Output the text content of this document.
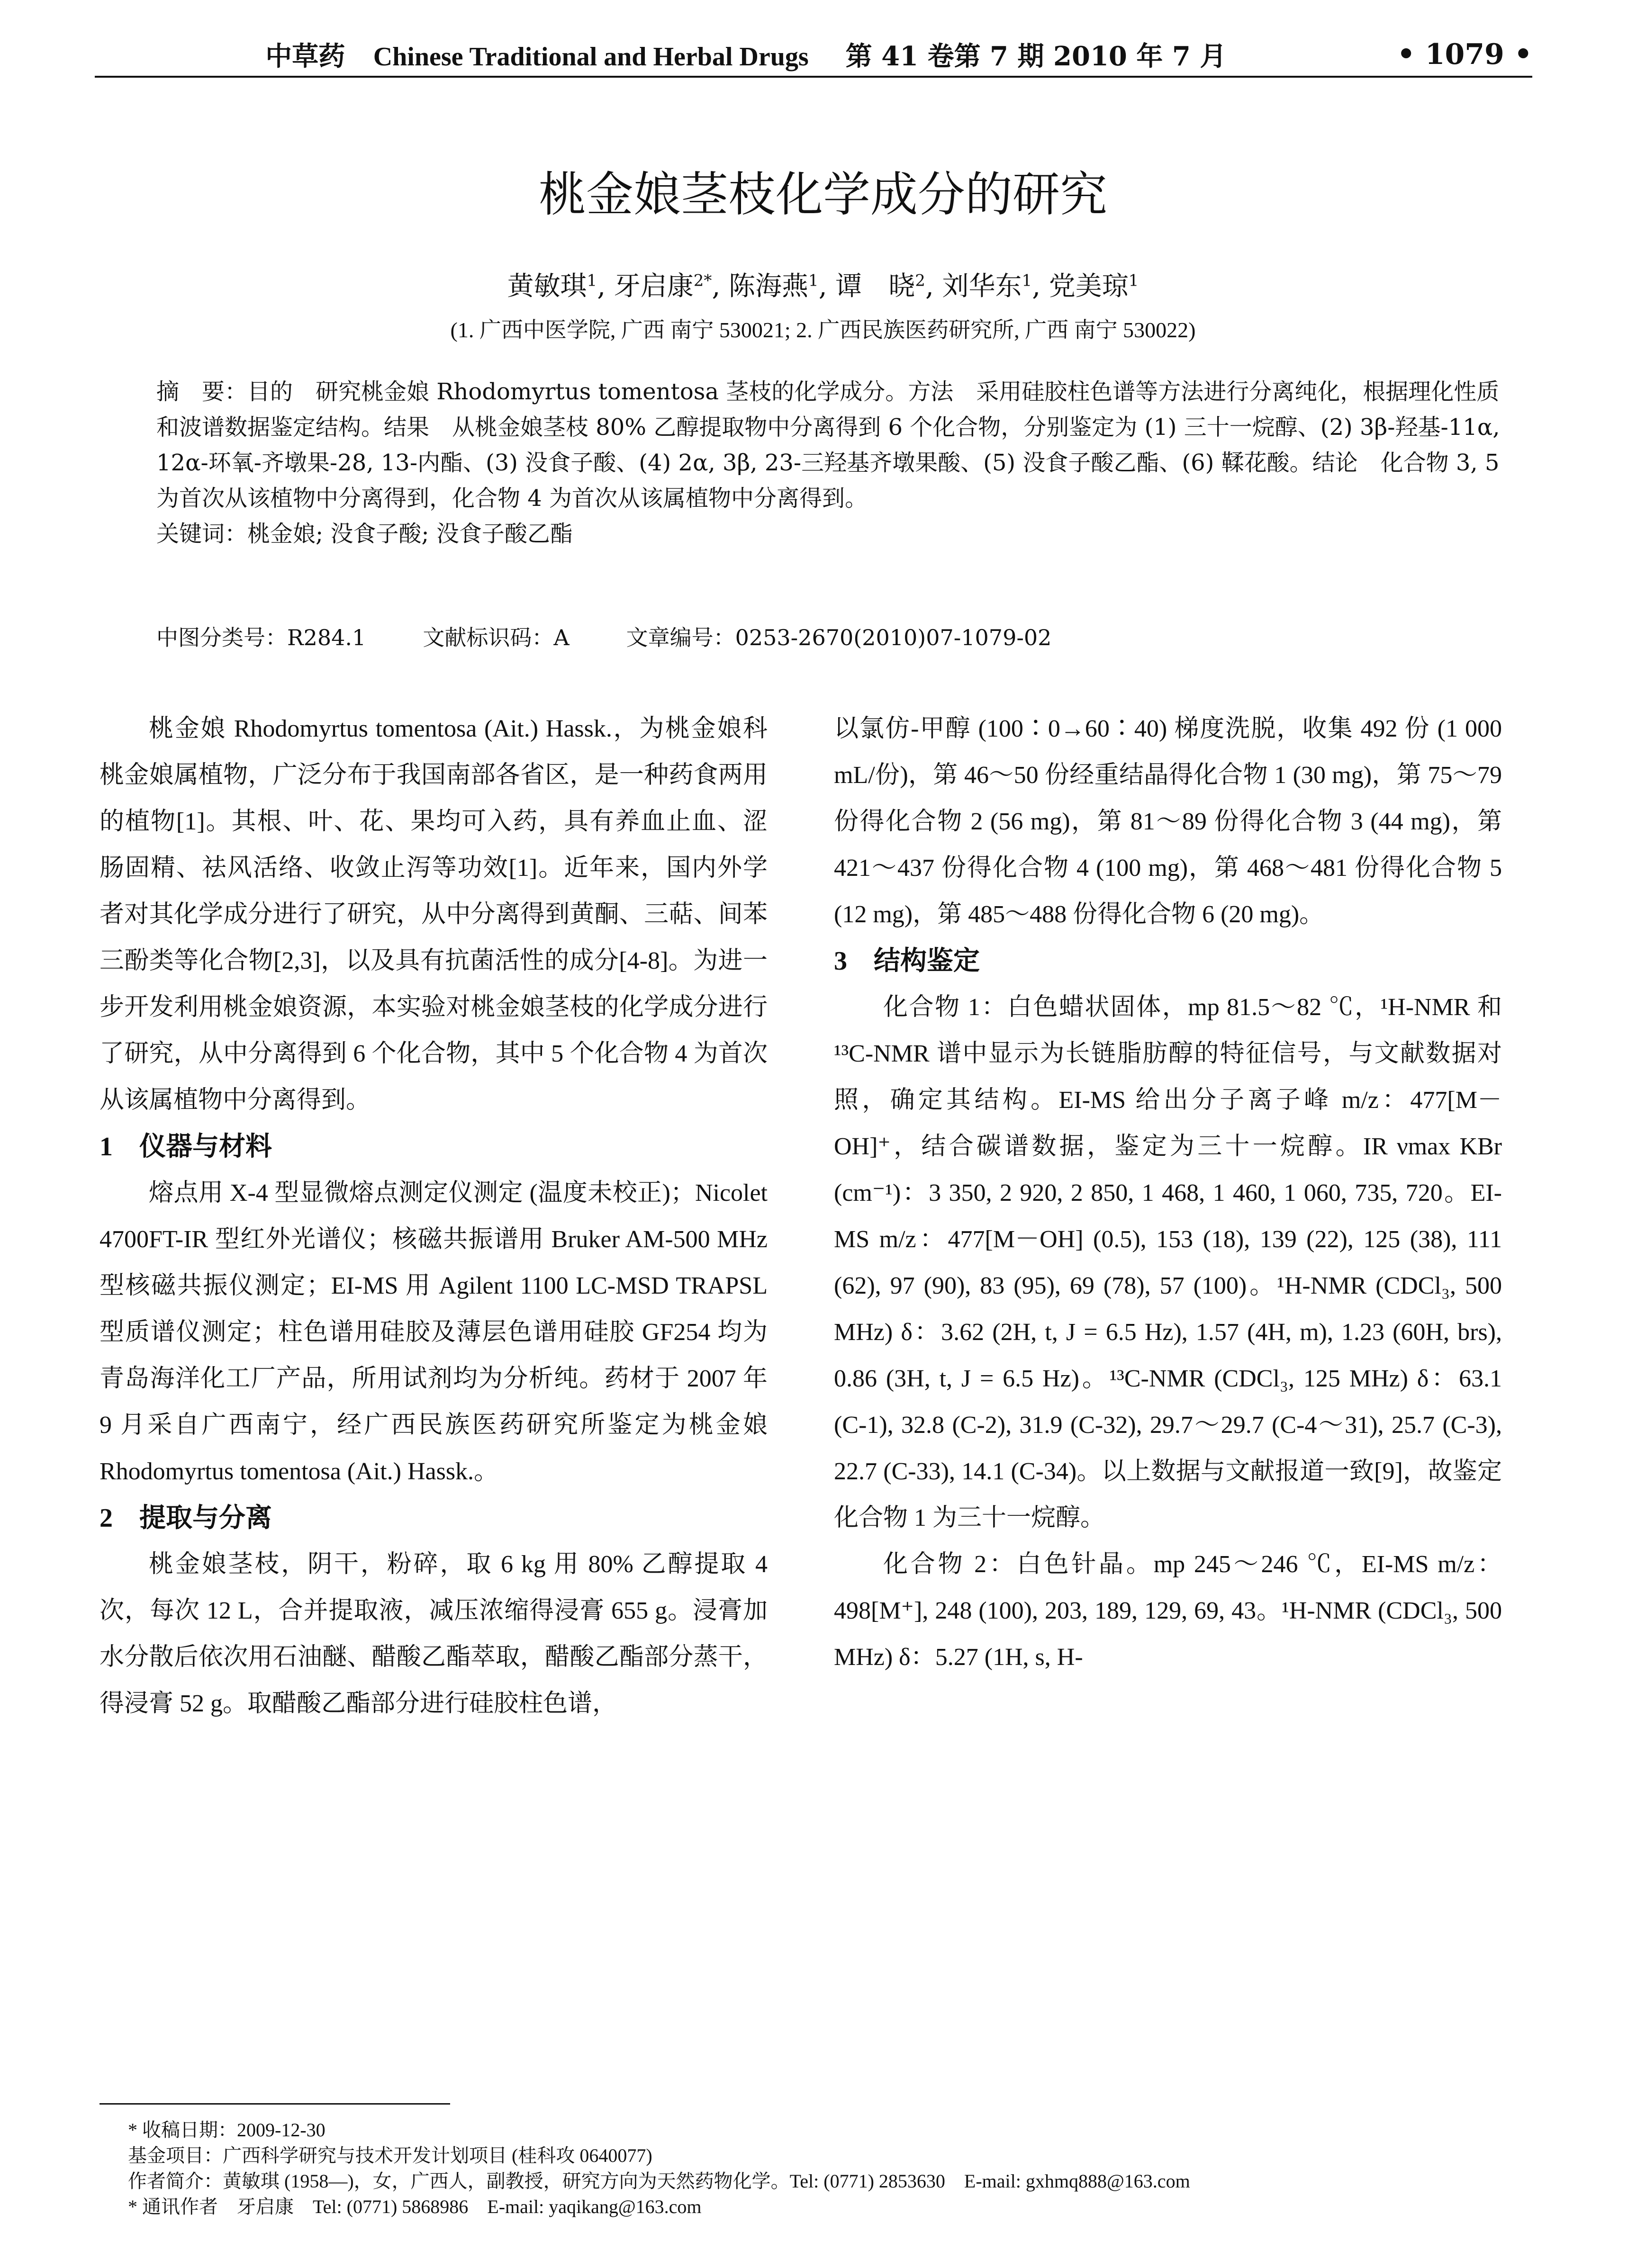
中草药 Chinese Traditional and Herbal Drugs 第 41 卷第 7 期 2010 年 7 月	• 1079 •
桃金娘茎枝化学成分的研究
黄敏琪$^1$, 牙启康$^{2*}$, 陈海燕$^1$, 谭　晓$^2$, 刘华东$^1$, 党美琼$^1$
(1. 广西中医学院, 广西 南宁 530021; 2. 广西民族医药研究所, 广西 南宁 530022)

摘　要：目的　研究桃金娘 Rhodomyrtus tomentosa 茎枝的化学成分。方法　采用硅胶柱色谱等方法进行分离纯化，根据理化性质和波谱数据鉴定结构。结果　从桃金娘茎枝 80% 乙醇提取物中分离得到 6 个化合物，分别鉴定为 (1) 三十一烷醇、(2) 3β-羟基-11α, 12α-环氧-齐墩果-28, 13-内酯、(3) 没食子酸、(4) 2α, 3β, 23-三羟基齐墩果酸、(5) 没食子酸乙酯、(6) 鞣花酸。结论　化合物 3, 5 为首次从该植物中分离得到，化合物 4 为首次从该属植物中分离得到。

关键词：桃金娘; 没食子酸; 没食子酸乙酯

中图分类号：R284.1	文献标识码：A	文章编号：0253-2670(2010)07-1079-02

桃金娘 Rhodomyrtus tomentosa (Ait.) Hassk.，为桃金娘科桃金娘属植物，广泛分布于我国南部各省区，是一种药食两用的植物[1]。其根、叶、花、果均可入药，具有养血止血、涩肠固精、祛风活络、收敛止泻等功效[1]。近年来，国内外学者对其化学成分进行了研究，从中分离得到黄酮、三萜、间苯三酚类等化合物[2,3]，以及具有抗菌活性的成分[4-8]。为进一步开发利用桃金娘资源，本实验对桃金娘茎枝的化学成分进行了研究，从中分离得到 6 个化合物，其中 5 个化合物 4 为首次从该属植物中分离得到。

1　仪器与材料

熔点用 X-4 型显微熔点测定仪测定 (温度未校正)；Nicolet 4700FT-IR 型红外光谱仪；核磁共振谱用 Bruker AM-500 MHz 型核磁共振仪测定；EI-MS 用 Agilent 1100 LC-MSD TRAPSL 型质谱仪测定；柱色谱用硅胶及薄层色谱用硅胶 GF254 均为青岛海洋化工厂产品，所用试剂均为分析纯。药材于 2007 年 9 月采自广西南宁，经广西民族医药研究所鉴定为桃金娘 Rhodomyrtus tomentosa (Ait.) Hassk.。

2　提取与分离

桃金娘茎枝，阴干，粉碎，取 6 kg 用 80% 乙醇提取 4 次，每次 12 L，合并提取液，减压浓缩得浸膏 655 g。浸膏加水分散后依次用石油醚、醋酸乙酯萃取，醋酸乙酯部分蒸干，得浸膏 52 g。取醋酸乙酯部分进行硅胶柱色谱，

以氯仿-甲醇 (100∶0→60∶40) 梯度洗脱，收集 492 份 (1 000 mL/份)，第 46～50 份经重结晶得化合物 1 (30 mg)，第 75～79 份得化合物 2 (56 mg)，第 81～89 份得化合物 3 (44 mg)，第 421～437 份得化合物 4 (100 mg)，第 468～481 份得化合物 5 (12 mg)，第 485～488 份得化合物 6 (20 mg)。

3　结构鉴定

化合物 1：白色蜡状固体，mp 81.5～82 ℃，¹H-NMR 和 ¹³C-NMR 谱中显示为长链脂肪醇的特征信号，与文献数据对照，确定其结构。EI-MS 给出分子离子峰 m/z：477[M－OH]⁺，结合碳谱数据，鉴定为三十一烷醇。IR νmax KBr (cm⁻¹)：3 350, 2 920, 2 850, 1 468, 1 460, 1 060, 735, 720。EI-MS m/z：477[M－OH] (0.5), 153 (18), 139 (22), 125 (38), 111 (62), 97 (90), 83 (95), 69 (78), 57 (100)。¹H-NMR (CDCl₃, 500 MHz) δ：3.62 (2H, t, J = 6.5 Hz), 1.57 (4H, m), 1.23 (60H, brs), 0.86 (3H, t, J = 6.5 Hz)。¹³C-NMR (CDCl₃, 125 MHz) δ：63.1 (C-1), 32.8 (C-2), 31.9 (C-32), 29.7～29.7 (C-4～31), 25.7 (C-3), 22.7 (C-33), 14.1 (C-34)。以上数据与文献报道一致[9]，故鉴定化合物 1 为三十一烷醇。

化合物 2：白色针晶。mp 245～246 ℃，EI-MS m/z：498[M⁺], 248 (100), 203, 189, 129, 69, 43。¹H-NMR (CDCl₃, 500 MHz) δ：5.27 (1H, s, H-

* 收稿日期：2009-12-30

基金项目：广西科学研究与技术开发计划项目 (桂科攻 0640077)

作者简介：黄敏琪 (1958—)，女，广西人，副教授，研究方向为天然药物化学。Tel: (0771) 2853630　E-mail: gxhmq888@163.com

* 通讯作者　牙启康　Tel: (0771) 5868986　E-mail: yaqikang@163.com
